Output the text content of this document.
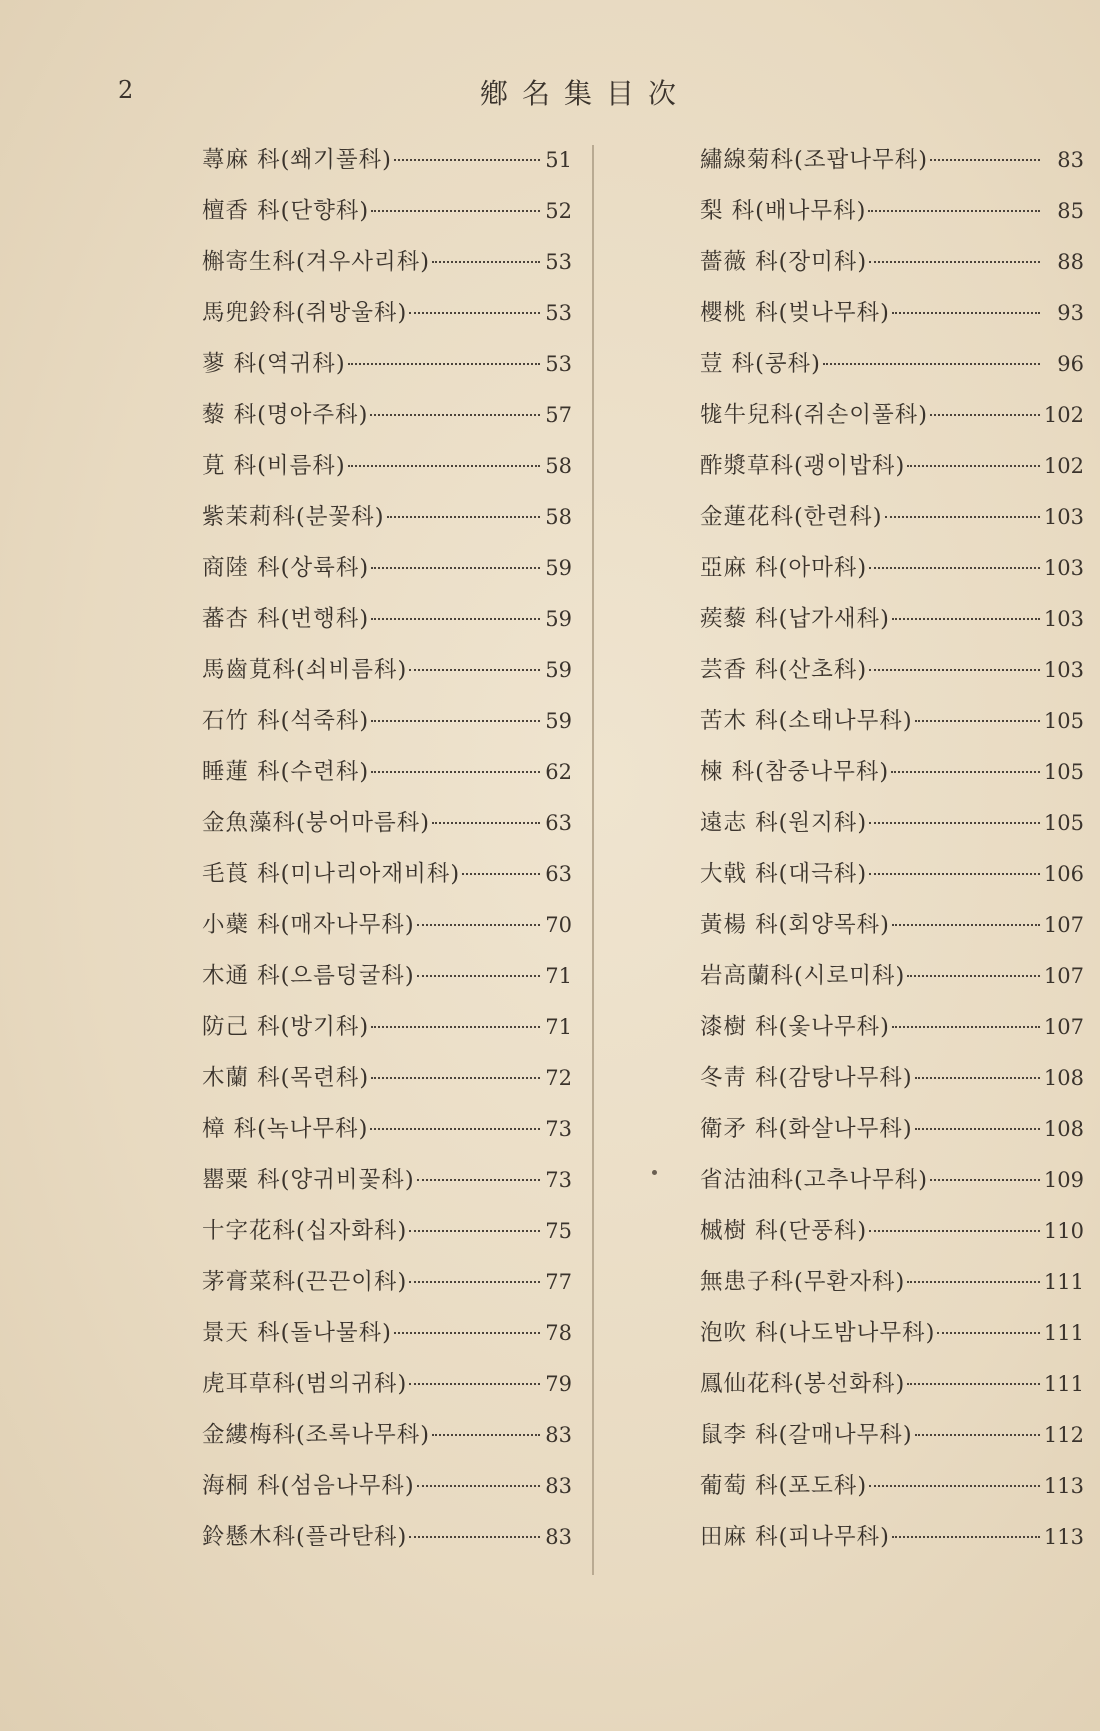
2	鄕名集目次
蕁麻 科(쐐기풀科)	51
檀香 科(단향科)	52
槲寄生科(겨우사리科)	53
馬兜鈴科(쥐방울科)	53
蓼 科(역귀科)	53
藜 科(명아주科)	57
莧 科(비름科)	58
紫茉莉科(분꽃科)	58
商陸 科(상륙科)	59
蕃杏 科(번행科)	59
馬齒莧科(쇠비름科)	59
石竹 科(석죽科)	59
睡蓮 科(수련科)	62
金魚藻科(붕어마름科)	63
毛莨 科(미나리아재비科)	63
小蘗 科(매자나무科)	70
木通 科(으름덩굴科)	71
防己 科(방기科)	71
木蘭 科(목련科)	72
樟 科(녹나무科)	73
罌粟 科(양귀비꽃科)	73
十字花科(십자화科)	75
茅膏菜科(끈끈이科)	77
景天 科(돌나물科)	78
虎耳草科(범의귀科)	79
金縷梅科(조록나무科)	83
海桐 科(섬음나무科)	83
鈴懸木科(플라탄科)	83
繡線菊科(조팝나무科)	83
梨 科(배나무科)	85
薔薇 科(장미科)	88
櫻桃 科(벚나무科)	93
荳 科(콩科)	96
牻牛兒科(쥐손이풀科)	102
酢漿草科(괭이밥科)	102
金蓮花科(한련科)	103
亞麻 科(아마科)	103
蒺藜 科(납가새科)	103
芸香 科(산초科)	103
苦木 科(소태나무科)	105
楝 科(참중나무科)	105
遠志 科(원지科)	105
大戟 科(대극科)	106
黃楊 科(회양목科)	107
岩高蘭科(시로미科)	107
漆樹 科(옻나무科)	107
冬靑 科(감탕나무科)	108
衛矛 科(화살나무科)	108
省沽油科(고추나무科)	109
槭樹 科(단풍科)	110
無患子科(무환자科)	111
泡吹 科(나도밤나무科)	111
鳳仙花科(봉선화科)	111
鼠李 科(갈매나무科)	112
葡萄 科(포도科)	113
田麻 科(피나무科)	113
